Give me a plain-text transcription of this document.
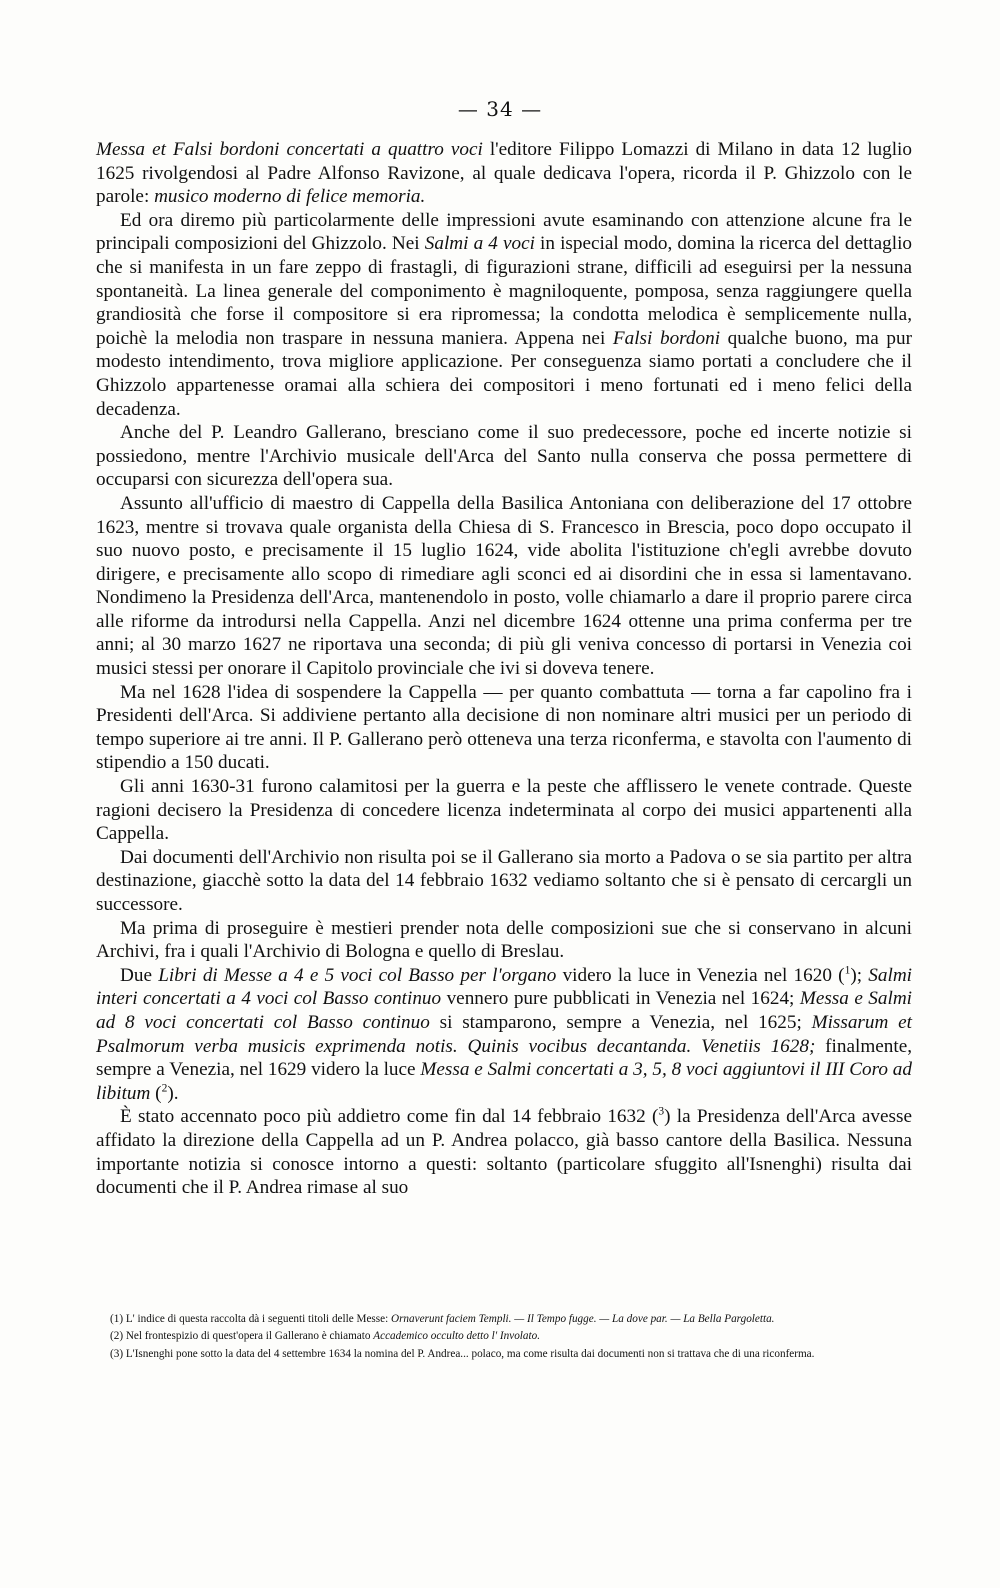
— 34 —

Messa et Falsi bordoni concertati a quattro voci l'editore Filippo Lomazzi di Milano in data 12 luglio 1625 rivolgendosi al Padre Alfonso Ravizone, al quale dedicava l'opera, ricorda il P. Ghizzolo con le parole: musico moderno di felice memoria.

Ed ora diremo più particolarmente delle impressioni avute esaminando con attenzione alcune fra le principali composizioni del Ghizzolo. Nei Salmi a 4 voci in ispecial modo, domina la ricerca del dettaglio che si manifesta in un fare zeppo di frastagli, di figurazioni strane, difficili ad eseguirsi per la nessuna spontaneità. La linea generale del componimento è magniloquente, pomposa, senza raggiungere quella grandiosità che forse il compositore si era ripromessa; la condotta melodica è semplicemente nulla, poichè la melodia non traspare in nessuna maniera. Appena nei Falsi bordoni qualche buono, ma pur modesto intendimento, trova migliore applicazione. Per conseguenza siamo portati a concludere che il Ghizzolo appartenesse oramai alla schiera dei compositori i meno fortunati ed i meno felici della decadenza.

Anche del P. Leandro Gallerano, bresciano come il suo predecessore, poche ed incerte notizie si possiedono, mentre l'Archivio musicale dell'Arca del Santo nulla conserva che possa permettere di occuparsi con sicurezza dell'opera sua.

Assunto all'ufficio di maestro di Cappella della Basilica Antoniana con deliberazione del 17 ottobre 1623, mentre si trovava quale organista della Chiesa di S. Francesco in Brescia, poco dopo occupato il suo nuovo posto, e precisamente il 15 luglio 1624, vide abolita l'istituzione ch'egli avrebbe dovuto dirigere, e precisamente allo scopo di rimediare agli sconci ed ai disordini che in essa si lamentavano. Nondimeno la Presidenza dell'Arca, mantenendolo in posto, volle chiamarlo a dare il proprio parere circa alle riforme da introdursi nella Cappella. Anzi nel dicembre 1624 ottenne una prima conferma per tre anni; al 30 marzo 1627 ne riportava una seconda; di più gli veniva concesso di portarsi in Venezia coi musici stessi per onorare il Capitolo provinciale che ivi si doveva tenere.

Ma nel 1628 l'idea di sospendere la Cappella — per quanto combattuta — torna a far capolino fra i Presidenti dell'Arca. Si addiviene pertanto alla decisione di non nominare altri musici per un periodo di tempo superiore ai tre anni. Il P. Gallerano però otteneva una terza riconferma, e stavolta con l'aumento di stipendio a 150 ducati.

Gli anni 1630-31 furono calamitosi per la guerra e la peste che afflissero le venete contrade. Queste ragioni decisero la Presidenza di concedere licenza indeterminata al corpo dei musici appartenenti alla Cappella.

Dai documenti dell'Archivio non risulta poi se il Gallerano sia morto a Padova o se sia partito per altra destinazione, giacchè sotto la data del 14 febbraio 1632 vediamo soltanto che si è pensato di cercargli un successore.

Ma prima di proseguire è mestieri prender nota delle composizioni sue che si conservano in alcuni Archivi, fra i quali l'Archivio di Bologna e quello di Breslau.

Due Libri di Messe a 4 e 5 voci col Basso per l'organo videro la luce in Venezia nel 1620 ($^1$); Salmi interi concertati a 4 voci col Basso continuo vennero pure pubblicati in Venezia nel 1624; Messa e Salmi ad 8 voci concertati col Basso continuo si stamparono, sempre a Venezia, nel 1625; Missarum et Psalmorum verba musicis exprimenda notis. Quinis vocibus decantanda. Venetiis 1628; finalmente, sempre a Venezia, nel 1629 videro la luce Messa e Salmi concertati a 3, 5, 8 voci aggiuntovi il III Coro ad libitum ($^2$).

È stato accennato poco più addietro come fin dal 14 febbraio 1632 ($^3$) la Presidenza dell'Arca avesse affidato la direzione della Cappella ad un P. Andrea polacco, già basso cantore della Basilica. Nessuna importante notizia si conosce intorno a questi: soltanto (particolare sfuggito all'Isnenghi) risulta dai documenti che il P. Andrea rimase al suo

(1) L' indice di questa raccolta dà i seguenti titoli delle Messe: Ornaverunt faciem Templi. — Il Tempo fugge. — La dove par. — La Bella Pargoletta.

(2) Nel frontespizio di quest'opera il Gallerano è chiamato Accademico occulto detto l' Involato.

(3) L'Isnenghi pone sotto la data del 4 settembre 1634 la nomina del P. Andrea... polaco, ma come risulta dai documenti non si trattava che di una riconferma.
